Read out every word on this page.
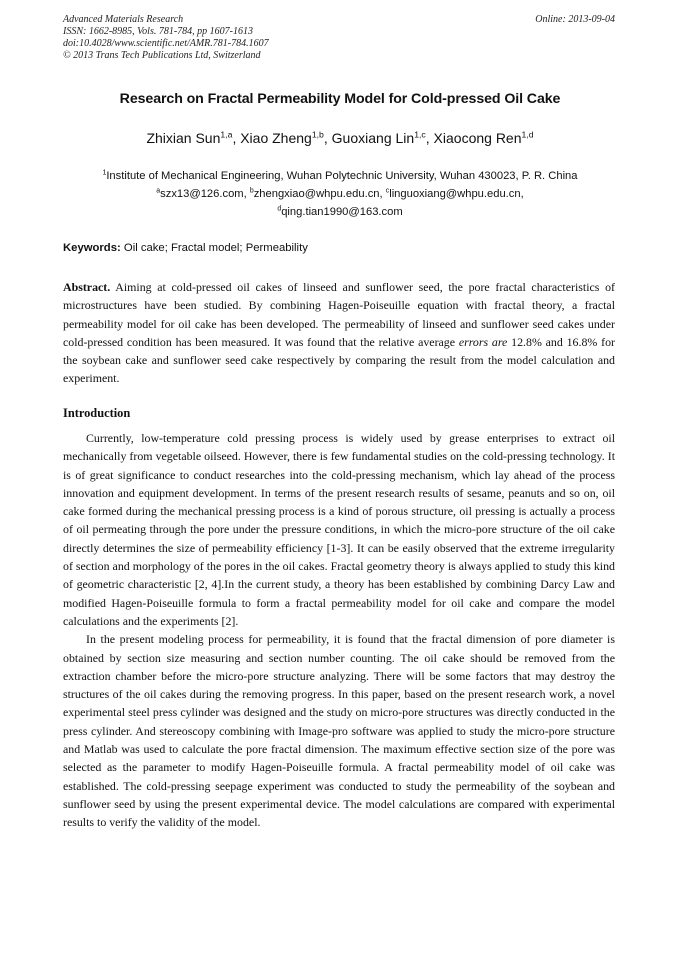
Advanced Materials Research
ISSN: 1662-8985, Vols. 781-784, pp 1607-1613
doi:10.4028/www.scientific.net/AMR.781-784.1607
© 2013 Trans Tech Publications Ltd, Switzerland
Online: 2013-09-04
Research on Fractal Permeability Model for Cold-pressed Oil Cake
Zhixian Sun$^{1,a}$, Xiao Zheng$^{1,b}$, Guoxiang Lin$^{1,c}$, Xiaocong Ren$^{1,d}$
$^1$Institute of Mechanical Engineering, Wuhan Polytechnic University, Wuhan 430023, P. R. China
$^a$szx13@126.com, $^b$zhengxiao@whpu.edu.cn, $^c$linguoxiang@whpu.edu.cn,
$^d$qing.tian1990@163.com
Keywords: Oil cake; Fractal model; Permeability
Abstract. Aiming at cold-pressed oil cakes of linseed and sunflower seed, the pore fractal characteristics of microstructures have been studied. By combining Hagen-Poiseuille equation with fractal theory, a fractal permeability model for oil cake has been developed. The permeability of linseed and sunflower seed cakes under cold-pressed condition has been measured. It was found that the relative average errors are 12.8% and 16.8% for the soybean cake and sunflower seed cake respectively by comparing the result from the model calculation and experiment.
Introduction

Currently, low-temperature cold pressing process is widely used by grease enterprises to extract oil mechanically from vegetable oilseed. However, there is few fundamental studies on the cold-pressing technology. It is of great significance to conduct researches into the cold-pressing mechanism, which lay ahead of the process innovation and equipment development. In terms of the present research results of sesame, peanuts and so on, oil cake formed during the mechanical pressing process is a kind of porous structure, oil pressing is actually a process of oil permeating through the pore under the pressure conditions, in which the micro-pore structure of the oil cake directly determines the size of permeability efficiency [1-3]. It can be easily observed that the extreme irregularity of section and morphology of the pores in the oil cakes. Fractal geometry theory is always applied to study this kind of geometric characteristic [2, 4].In the current study, a theory has been established by combining Darcy Law and modified Hagen-Poiseuille formula to form a fractal permeability model for oil cake and compare the model calculations and the experiments [2].

In the present modeling process for permeability, it is found that the fractal dimension of pore diameter is obtained by section size measuring and section number counting. The oil cake should be removed from the extraction chamber before the micro-pore structure analyzing. There will be some factors that may destroy the structures of the oil cakes during the removing progress. In this paper, based on the present research work, a novel experimental steel press cylinder was designed and the study on micro-pore structures was directly conducted in the press cylinder. And stereoscopy combining with Image-pro software was applied to study the micro-pore structure and Matlab was used to calculate the pore fractal dimension. The maximum effective section size of the pore was selected as the parameter to modify Hagen-Poiseuille formula. A fractal permeability model of oil cake was established. The cold-pressing seepage experiment was conducted to study the permeability of the soybean and sunflower seed by using the present experimental device. The model calculations are compared with experimental results to verify the validity of the model.
